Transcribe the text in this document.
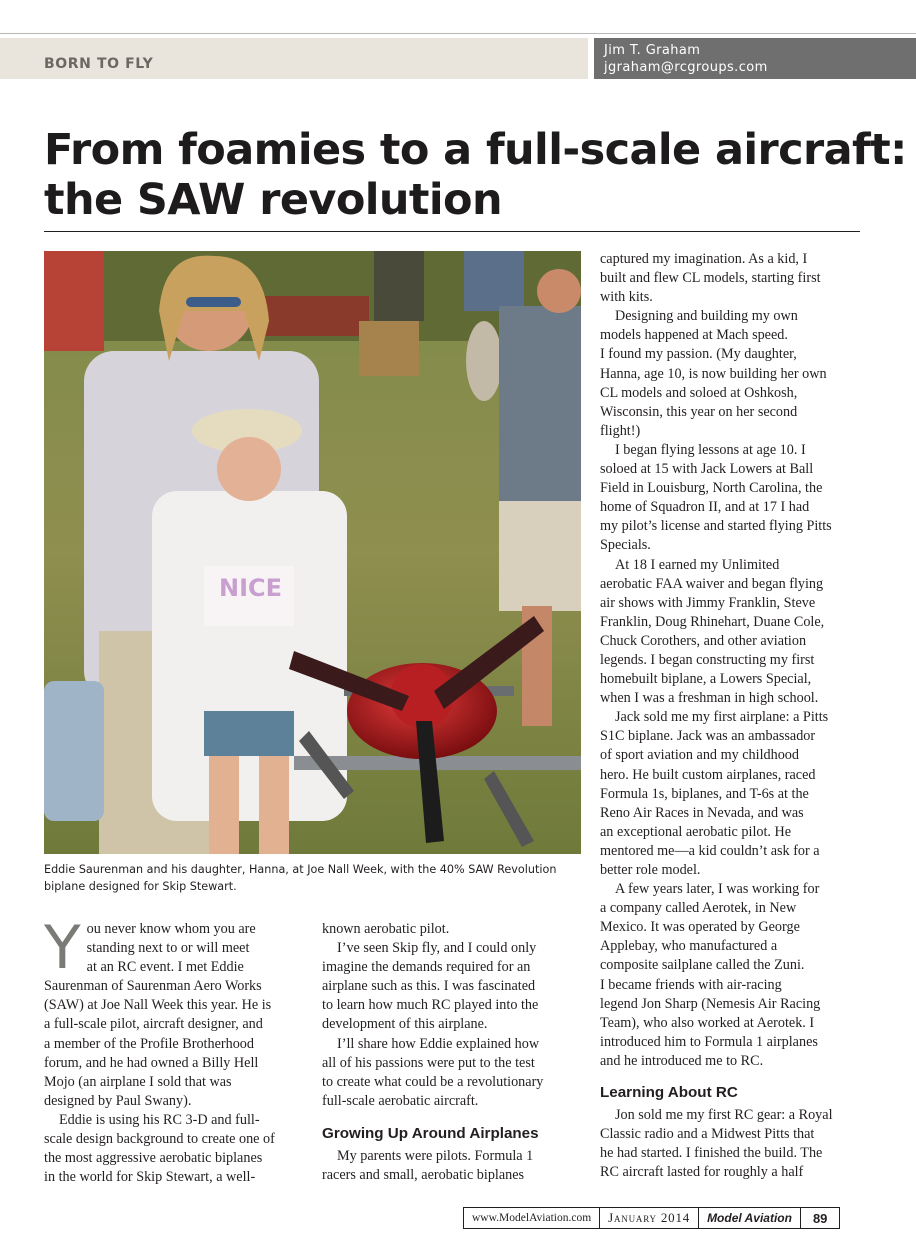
BORN TO FLY
Jim T. Graham
jgraham@rcgroups.com
From foamies to a full-scale aircraft:
the SAW revolution
NICE

Eddie Saurenman and his daughter, Hanna, at Joe Nall Week, with the 40% SAW Revolution
biplane designed for Skip Stewart.

Y ou never know whom you are
standing next to or will meet
at an RC event. I met Eddie
Saurenman of Saurenman Aero Works
(SAW) at Joe Nall Week this year. He is
a full-scale pilot, aircraft designer, and
a member of the Profile Brotherhood
forum, and he had owned a Billy Hell
Mojo (an airplane I sold that was
designed by Paul Swany).
Eddie is using his RC 3-D and full-
scale design background to create one of
the most aggressive aerobatic biplanes
in the world for Skip Stewart, a well-
known aerobatic pilot.
I’ve seen Skip fly, and I could only
imagine the demands required for an
airplane such as this. I was fascinated
to learn how much RC played into the
development of this airplane.
I’ll share how Eddie explained how
all of his passions were put to the test
to create what could be a revolutionary
full-scale aerobatic aircraft.
Growing Up Around Airplanes
My parents were pilots. Formula 1
racers and small, aerobatic biplanes
captured my imagination. As a kid, I
built and flew CL models, starting first
with kits.
Designing and building my own
models happened at Mach speed.
I found my passion. (My daughter,
Hanna, age 10, is now building her own
CL models and soloed at Oshkosh,
Wisconsin, this year on her second
flight!)
I began flying lessons at age 10. I
soloed at 15 with Jack Lowers at Ball
Field in Louisburg, North Carolina, the
home of Squadron II, and at 17 I had
my pilot’s license and started flying Pitts
Specials.
At 18 I earned my Unlimited
aerobatic FAA waiver and began flying
air shows with Jimmy Franklin, Steve
Franklin, Doug Rhinehart, Duane Cole,
Chuck Corothers, and other aviation
legends. I began constructing my first
homebuilt biplane, a Lowers Special,
when I was a freshman in high school.
Jack sold me my first airplane: a Pitts
S1C biplane. Jack was an ambassador
of sport aviation and my childhood
hero. He built custom airplanes, raced
Formula 1s, biplanes, and T-6s at the
Reno Air Races in Nevada, and was
an exceptional aerobatic pilot. He
mentored me—a kid couldn’t ask for a
better role model.
A few years later, I was working for
a company called Aerotek, in New
Mexico. It was operated by George
Applebay, who manufactured a
composite sailplane called the Zuni.
I became friends with air-racing
legend Jon Sharp (Nemesis Air Racing
Team), who also worked at Aerotek. I
introduced him to Formula 1 airplanes
and he introduced me to RC.
Learning About RC
Jon sold me my first RC gear: a Royal
Classic radio and a Midwest Pitts that
he had started. I finished the build. The
RC aircraft lasted for roughly a half
www.ModelAviation.com	January 2014	Model Aviation	89
